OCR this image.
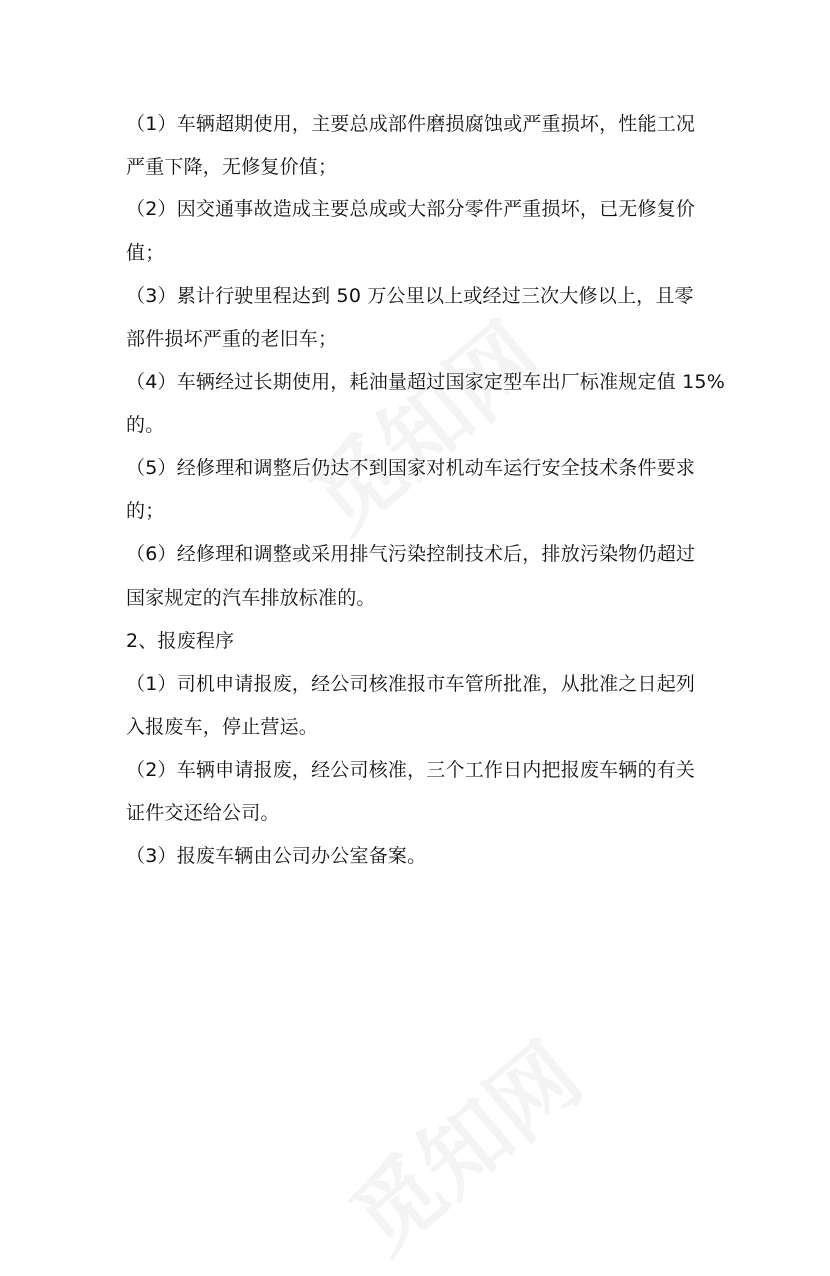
（1）车辆超期使用，主要总成部件磨损腐蚀或严重损坏，性能工况
严重下降，无修复价值；
（2）因交通事故造成主要总成或大部分零件严重损坏，已无修复价
值；
（3）累计行驶里程达到 50 万公里以上或经过三次大修以上，且零
部件损坏严重的老旧车；
（4）车辆经过长期使用，耗油量超过国家定型车出厂标准规定值 15%
的。
（5）经修理和调整后仍达不到国家对机动车运行安全技术条件要求
的；
（6）经修理和调整或采用排气污染控制技术后，排放污染物仍超过
国家规定的汽车排放标准的。
2、报废程序
（1）司机申请报废，经公司核准报市车管所批准，从批准之日起列
入报废车，停止营运。
（2）车辆申请报废，经公司核准，三个工作日内把报废车辆的有关
证件交还给公司。
（3）报废车辆由公司办公室备案。
